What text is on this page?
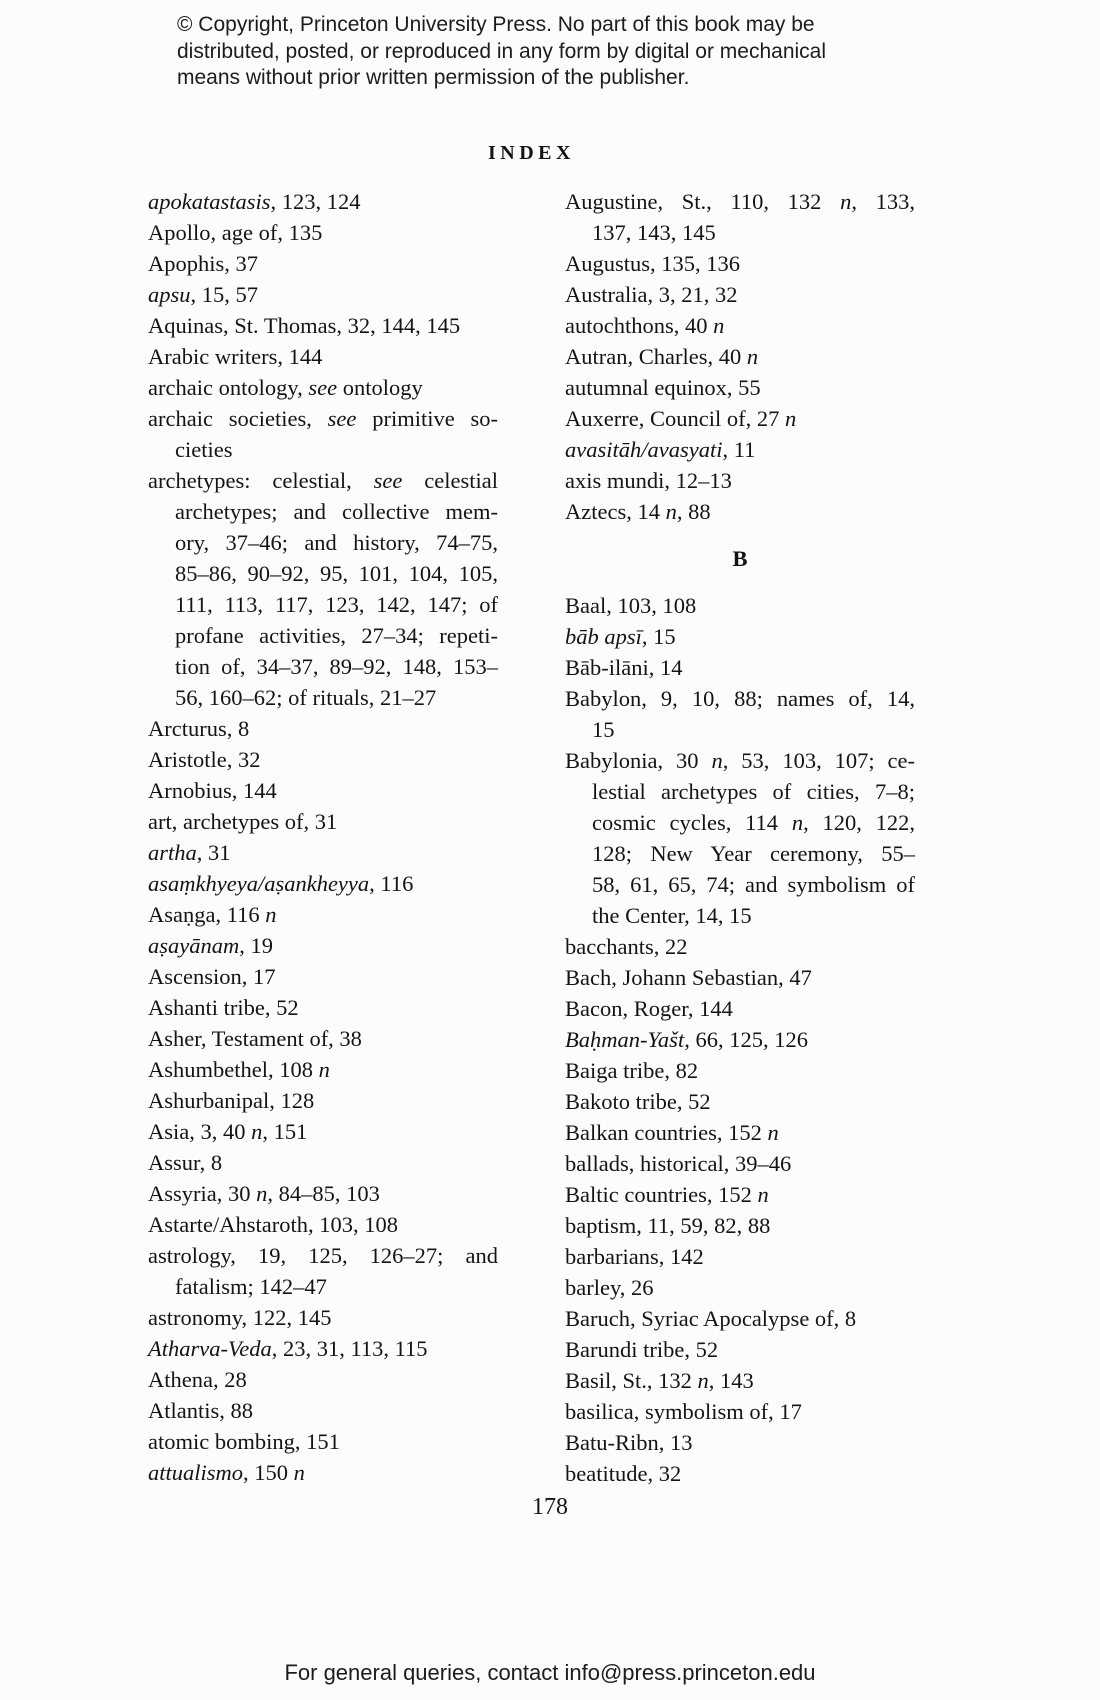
© Copyright, Princeton University Press. No part of this book may be
distributed, posted, or reproduced in any form by digital or mechanical
means without prior written permission of the publisher.
INDEX
apokatastasis, 123, 124
Apollo, age of, 135
Apophis, 37
apsu, 15, 57
Aquinas, St. Thomas, 32, 144, 145
Arabic writers, 144
archaic ontology, see ontology
archaic societies, see primitive so-
cieties
archetypes: celestial, see celestial
archetypes; and collective mem-
ory, 37–46; and history, 74–75,
85–86, 90–92, 95, 101, 104, 105,
111, 113, 117, 123, 142, 147; of
profane activities, 27–34; repeti-
tion of, 34–37, 89–92, 148, 153–
56, 160–62; of rituals, 21–27
Arcturus, 8
Aristotle, 32
Arnobius, 144
art, archetypes of, 31
artha, 31
asaṃkhyeya/aṣankheyya, 116
Asaṇga, 116 n
aṣayānam, 19
Ascension, 17
Ashanti tribe, 52
Asher, Testament of, 38
Ashumbethel, 108 n
Ashurbanipal, 128
Asia, 3, 40 n, 151
Assur, 8
Assyria, 30 n, 84–85, 103
Astarte/Ahstaroth, 103, 108
astrology, 19, 125, 126–27; and
fatalism; 142–47
astronomy, 122, 145
Atharva-Veda, 23, 31, 113, 115
Athena, 28
Atlantis, 88
atomic bombing, 151
attualismo, 150 n
Augustine, St., 110, 132 n, 133,
137, 143, 145
Augustus, 135, 136
Australia, 3, 21, 32
autochthons, 40 n
Autran, Charles, 40 n
autumnal equinox, 55
Auxerre, Council of, 27 n
avasitāh/avasyati, 11
axis mundi, 12–13
Aztecs, 14 n, 88
B
Baal, 103, 108
bāb apsī, 15
Bāb-ilāni, 14
Babylon, 9, 10, 88; names of, 14,
15
Babylonia, 30 n, 53, 103, 107; ce-
lestial archetypes of cities, 7–8;
cosmic cycles, 114 n, 120, 122,
128; New Year ceremony, 55–
58, 61, 65, 74; and symbolism of
the Center, 14, 15
bacchants, 22
Bach, Johann Sebastian, 47
Bacon, Roger, 144
Baḥman-Yašt, 66, 125, 126
Baiga tribe, 82
Bakoto tribe, 52
Balkan countries, 152 n
ballads, historical, 39–46
Baltic countries, 152 n
baptism, 11, 59, 82, 88
barbarians, 142
barley, 26
Baruch, Syriac Apocalypse of, 8
Barundi tribe, 52
Basil, St., 132 n, 143
basilica, symbolism of, 17
Batu-Ribn, 13
beatitude, 32
178
For general queries, contact info@press.princeton.edu
